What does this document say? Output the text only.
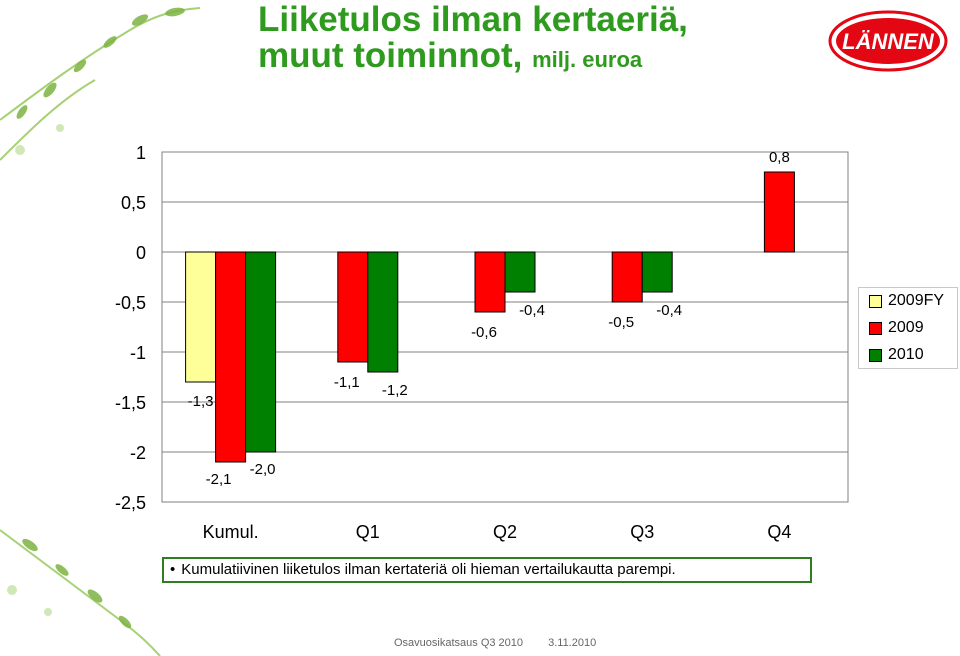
Liiketulos ilman kertaeriä,
muut toiminnot, milj. euroa
LÄNNEN
1
0,5
0
-0,5
-1
-1,5
-2
-2,5
-1,3
-2,1
-2,0
-1,1 -1,2
-0,6
-0,4
-0,5
-0,4
0,8
Kumul.	Q1	Q2	Q3	Q4
2009FY
2009
2010
• Kumulatiivinen liiketulos ilman kertateriä oli hieman vertailukautta parempi.
Osavuosikatsaus Q3 2010 3.11.2010
